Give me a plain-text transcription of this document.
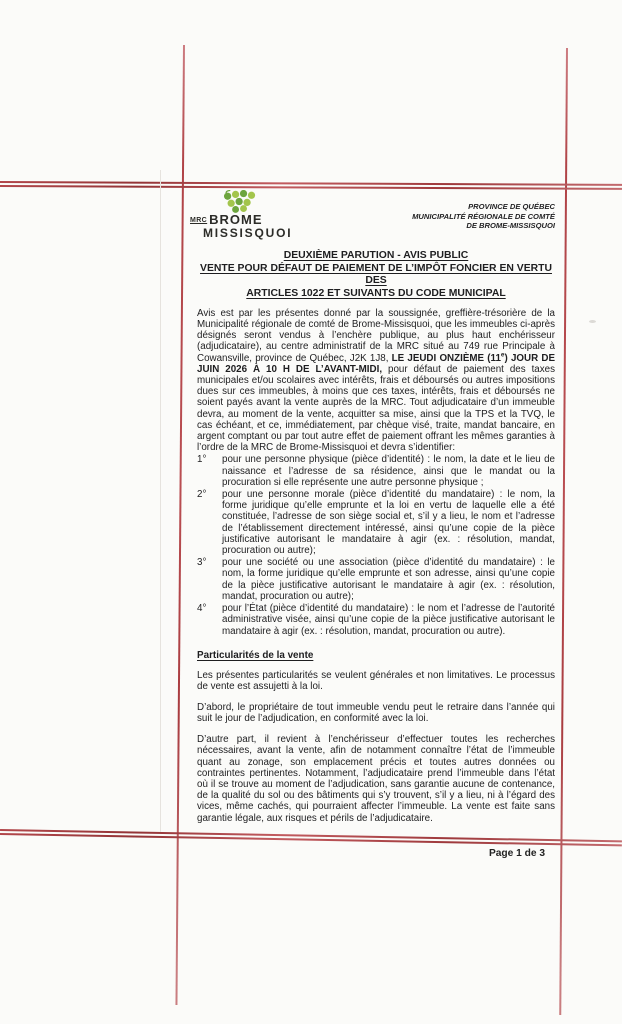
MRC BROME
MISSISQUOI
PROVINCE DE QUÉBEC
MUNICIPALITÉ RÉGIONALE DE COMTÉ
DE BROME-MISSISQUOI
DEUXIÈME PARUTION - AVIS PUBLIC
VENTE POUR DÉFAUT DE PAIEMENT DE L’IMPÔT FONCIER EN VERTU DES
ARTICLES 1022 ET SUIVANTS DU CODE MUNICIPAL

Avis est par les présentes donné par la soussignée, greffière-trésorière de la Municipalité régionale de comté de Brome-Missisquoi, que les immeubles ci-après désignés seront vendus à l’enchère publique, au plus haut enchérisseur (adjudicataire), au centre administratif de la MRC situé au 749 rue Principale à Cowansville, province de Québec, J2K 1J8, LE JEUDI ONZIÈME (11e) JOUR DE JUIN 2026 À 10 H DE L’AVANT-MIDI, pour défaut de paiement des taxes municipales et/ou scolaires avec intérêts, frais et déboursés ou autres impositions dues sur ces immeubles, à moins que ces taxes, intérêts, frais et déboursés ne soient payés avant la vente auprès de la MRC. Tout adjudicataire d’un immeuble devra, au moment de la vente, acquitter sa mise, ainsi que la TPS et la TVQ, le cas échéant, et ce, immédiatement, par chèque visé, traite, mandat bancaire, en argent comptant ou par tout autre effet de paiement offrant les mêmes garanties à l’ordre de la MRC de Brome-Missisquoi et devra s’identifier:

1°	pour une personne physique (pièce d’identité) : le nom, la date et le lieu de naissance et l’adresse de sa résidence, ainsi que le mandat ou la procuration si elle représente une autre personne physique ;
2°	pour une personne morale (pièce d’identité du mandataire) : le nom, la forme juridique qu’elle emprunte et la loi en vertu de laquelle elle a été constituée, l’adresse de son siège social et, s’il y a lieu, le nom et l’adresse de l’établissement directement intéressé, ainsi qu’une copie de la pièce justificative autorisant le mandataire à agir (ex. : résolution, mandat, procuration ou autre);
3°	pour une société ou une association (pièce d’identité du mandataire) : le nom, la forme juridique qu’elle emprunte et son adresse, ainsi qu’une copie de la pièce justificative autorisant le mandataire à agir (ex. : résolution, mandat, procuration ou autre);
4°	pour l’État (pièce d’identité du mandataire) : le nom et l’adresse de l’autorité administrative visée, ainsi qu’une copie de la pièce justificative autorisant le mandataire à agir (ex. : résolution, mandat, procuration ou autre).
Particularités de la vente

Les présentes particularités se veulent générales et non limitatives. Le processus de vente est assujetti à la loi.

D’abord, le propriétaire de tout immeuble vendu peut le retraire dans l’année qui suit le jour de l’adjudication, en conformité avec la loi.

D’autre part, il revient à l’enchérisseur d’effectuer toutes les recherches nécessaires, avant la vente, afin de notamment connaître l’état de l’immeuble quant au zonage, son emplacement précis et toutes autres données ou contraintes pertinentes. Notamment, l’adjudicataire prend l’immeuble dans l’état où il se trouve au moment de l’adjudication, sans garantie aucune de contenance, de la qualité du sol ou des bâtiments qui s’y trouvent, s’il y a lieu, ni à l’égard des vices, même cachés, qui pourraient affecter l’immeuble. La vente est faite sans garantie légale, aux risques et périls de l’adjudicataire.

Page 1 de 3
